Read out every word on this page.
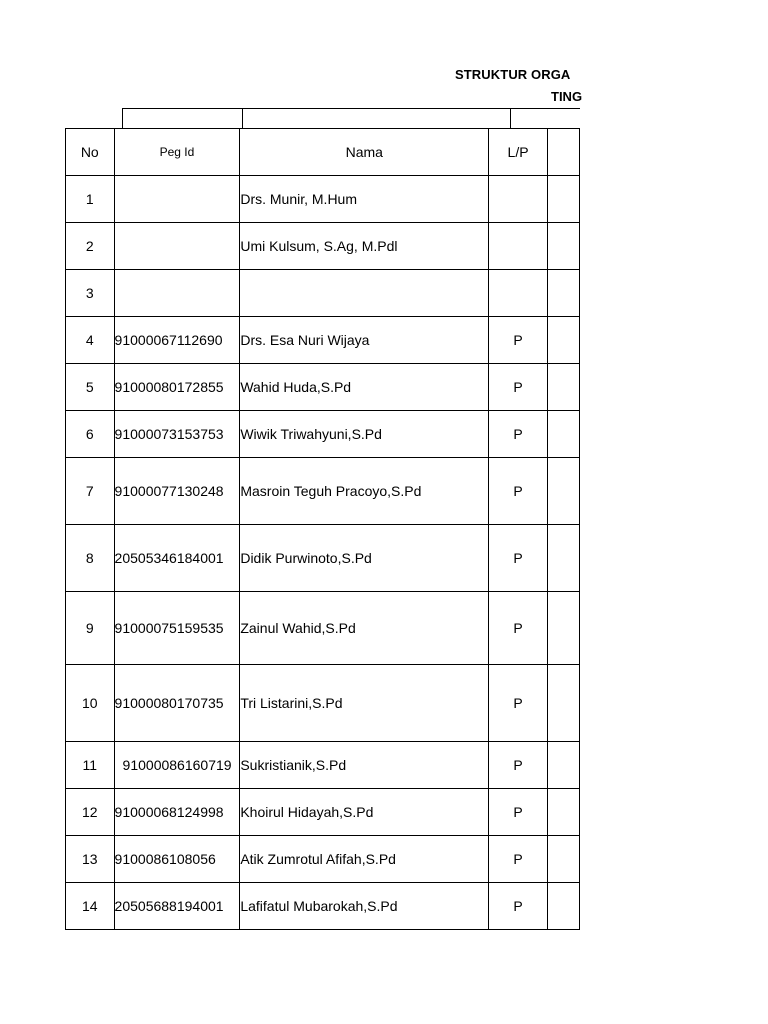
STRUKTUR ORGA
TING
No	Peg Id	Nama	L/P	
1		Drs. Munir, M.Hum		
2		Umi Kulsum, S.Ag, M.Pdl		
3				
4	91000067112690	Drs. Esa Nuri Wijaya	P	
5	91000080172855	Wahid Huda,S.Pd	P	
6	91000073153753	Wiwik Triwahyuni,S.Pd	P	
7	91000077130248	Masroin Teguh Pracoyo,S.Pd	P	
8	20505346184001	Didik Purwinoto,S.Pd	P	
9	91000075159535	Zainul Wahid,S.Pd	P	
10	91000080170735	Tri Listarini,S.Pd	P	
11	91000086160719	Sukristianik,S.Pd	P	
12	91000068124998	Khoirul Hidayah,S.Pd	P	
13	9100086108056	Atik Zumrotul Afifah,S.Pd	P	
14	20505688194001	Lafifatul Mubarokah,S.Pd	P	
